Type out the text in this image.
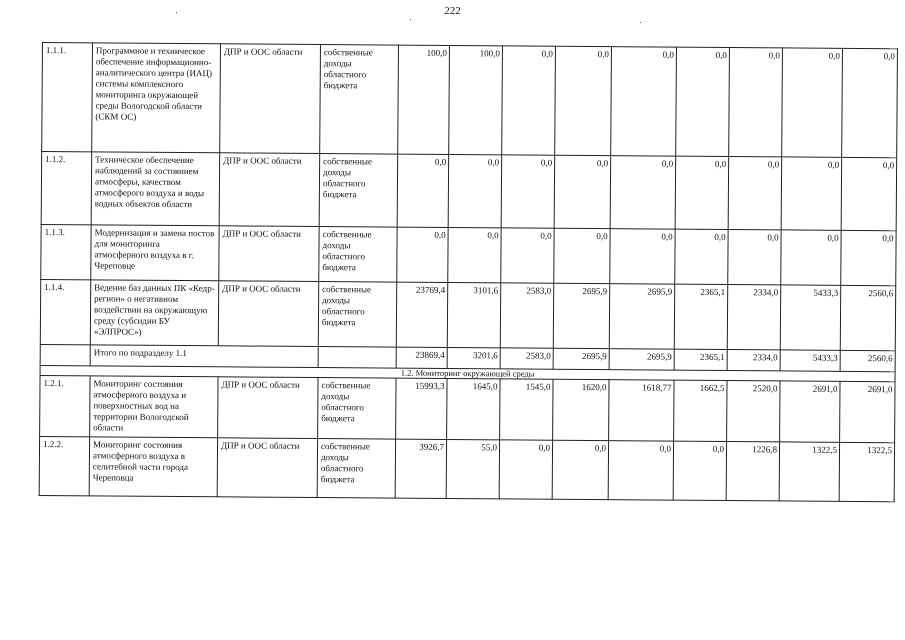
222
1.1.1.	Программное и техническое обеспечение информационно-аналитического центра (ИАЦ) системы комплексного мониторинга окружающей среды Вологодской области (СКМ ОС)	ДПР и ООС области	собственные доходы областного бюджета	100,0	100,0	0,0	0,0	0,0	0,0	0,0	0,0	0,0
1.1.2.	Техническое обеспечение наблюдений за состоянием атмосферы, качеством атмосферого воздуха и воды водных объектов области	ДПР и ООС области	собственные доходы областного бюджета	0,0	0,0	0,0	0,0	0,0	0,0	0,0	0,0	0,0
1.1.3.	Модернизация и замена постов для мониторинга атмосферного воздуха в г. Череповце	ДПР и ООС области	собственные доходы областного бюджета	0,0	0,0	0,0	0,0	0,0	0,0	0,0	0,0	0,0
1.1.4.	Ведение баз данных ПК «Кедр-регион» о негативном воздействии на окружающую среду (субсидии БУ «ЭЛПРОС»)	ДПР и ООС области	собственные доходы областного бюджета	23769,4	3101,6	2583,0	2695,9	2695,9	2365,1	2334,0	5433,3	2560,6
	Итого по подразделу 1.1			23869,4	3201,6	2583,0	2695,9	2695,9	2365,1	2334,0	5433,3	2560,6
1.2. Мониторинг окружающей среды												
1.2.1.	Мониторинг состояния атмосферного воздуха и поверхностных вод на территории Вологодской области	ДПР и ООС области	собственные доходы областного бюджета	15993,3	1645,0	1545,0	1620,0	1618,77	1662,5	2520,0	2691,0	2691,0
1.2.2.	Мониторинг состояния атмосферного воздуха в селитебной части города Череповца	ДПР и ООС области	собственные доходы областного бюджета	3926,7	55,0	0,0	0,0	0,0	0,0	1226,8	1322,5	1322,5
